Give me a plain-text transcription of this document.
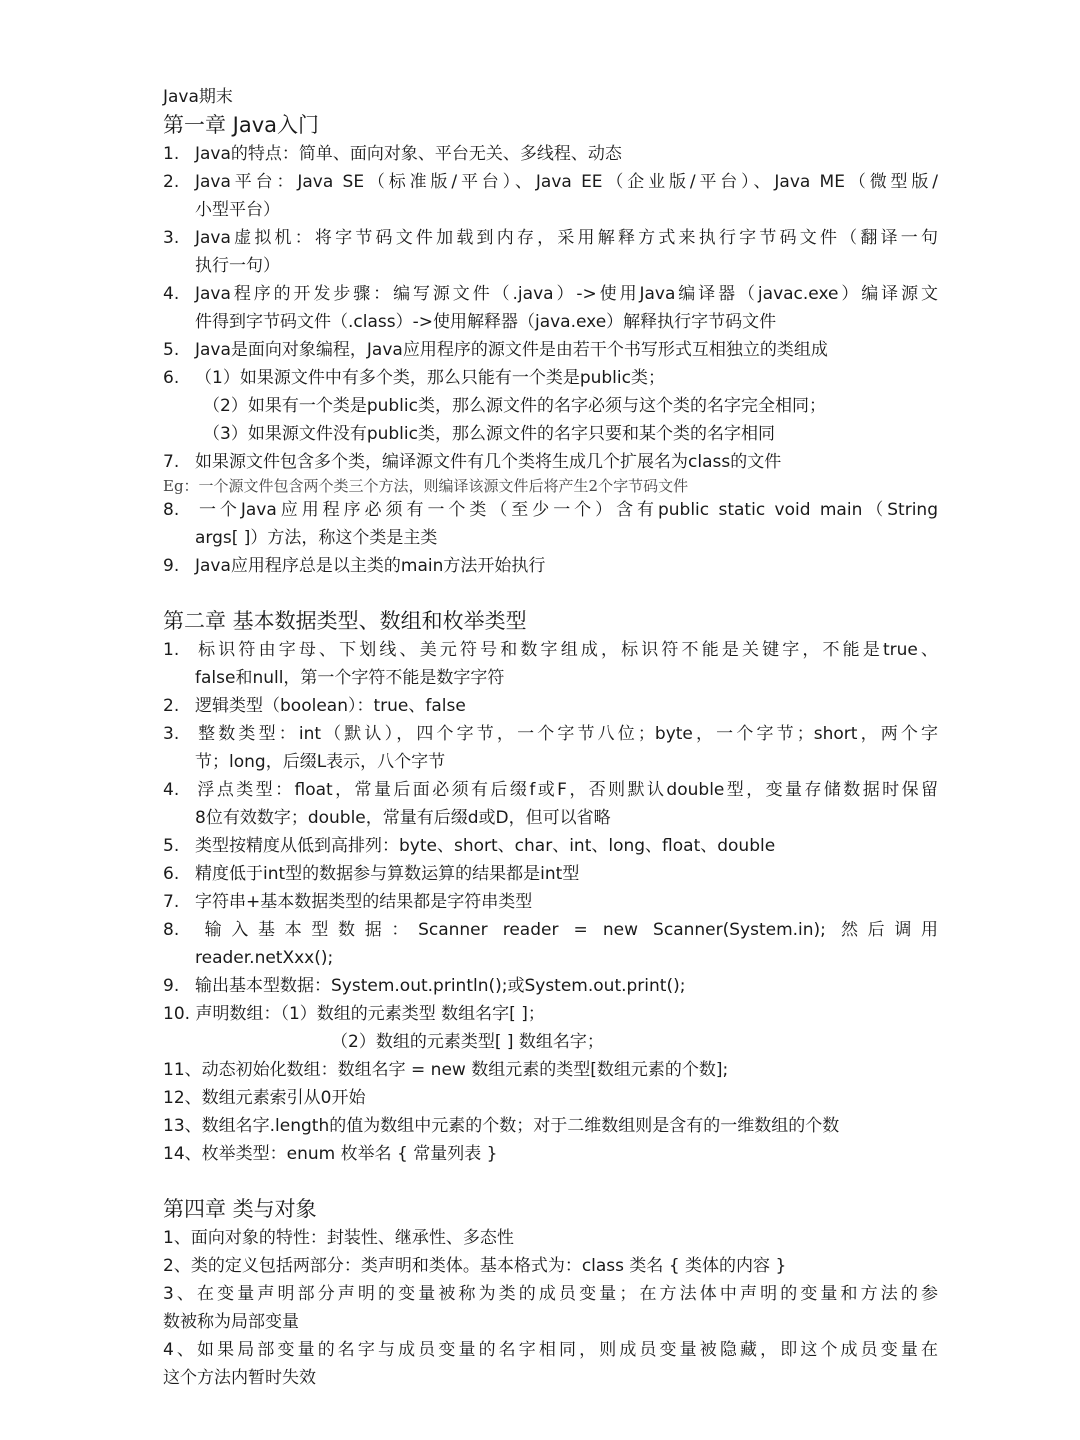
Java期末
第一章 Java入门
1. Java的特点：简单、面向对象、平台无关、多线程、动态
2. Java平台：Java SE（标准版/平台）、Java EE（企业版/平台）、Java ME（微型版/
小型平台）
3. Java虚拟机：将字节码文件加载到内存，采用解释方式来执行字节码文件（翻译一句
执行一句）
4. Java程序的开发步骤：编写源文件（.java）->使用Java编译器（javac.exe）编译源文
件得到字节码文件（.class）->使用解释器（java.exe）解释执行字节码文件
5. Java是面向对象编程，Java应用程序的源文件是由若干个书写形式互相独立的类组成
6. （1）如果源文件中有多个类，那么只能有一个类是public类；
（2）如果有一个类是public类，那么源文件的名字必须与这个类的名字完全相同；
（3）如果源文件没有public类，那么源文件的名字只要和某个类的名字相同
7. 如果源文件包含多个类，编译源文件有几个类将生成几个扩展名为class的文件
Eg：一个源文件包含两个类三个方法，则编译该源文件后将产生2个字节码文件
8. 一个Java应用程序必须有一个类（至少一个）含有public static void main（String
args[ ]）方法，称这个类是主类
9. Java应用程序总是以主类的main方法开始执行
第二章 基本数据类型、数组和枚举类型
1. 标识符由字母、下划线、美元符号和数字组成，标识符不能是关键字，不能是true、
false和null，第一个字符不能是数字字符
2. 逻辑类型（boolean）：true、false
3. 整数类型：int（默认），四个字节，一个字节八位；byte，一个字节；short，两个字
节；long，后缀L表示，八个字节
4. 浮点类型：float，常量后面必须有后缀f或F，否则默认double型，变量存储数据时保留
8位有效数字；double，常量有后缀d或D，但可以省略
5. 类型按精度从低到高排列：byte、short、char、int、long、float、double
6. 精度低于int型的数据参与算数运算的结果都是int型
7. 字符串+基本数据类型的结果都是字符串类型
8. 输入基本型数据：Scanner reader = new Scanner(System.in); 然后调用
reader.netXxx();
9. 输出基本型数据：System.out.println();或System.out.print();
10. 声明数组：（1）数组的元素类型 数组名字[ ]；
（2）数组的元素类型[ ] 数组名字；
11、动态初始化数组：数组名字 = new 数组元素的类型[数组元素的个数];
12、数组元素索引从0开始
13、数组名字.length的值为数组中元素的个数；对于二维数组则是含有的一维数组的个数
14、枚举类型：enum 枚举名 { 常量列表 }
第四章 类与对象
1、面向对象的特性：封装性、继承性、多态性
2、类的定义包括两部分：类声明和类体。基本格式为：class 类名 { 类体的内容 }
3、在变量声明部分声明的变量被称为类的成员变量；在方法体中声明的变量和方法的参
数被称为局部变量
4、如果局部变量的名字与成员变量的名字相同，则成员变量被隐藏，即这个成员变量在
这个方法内暂时失效
